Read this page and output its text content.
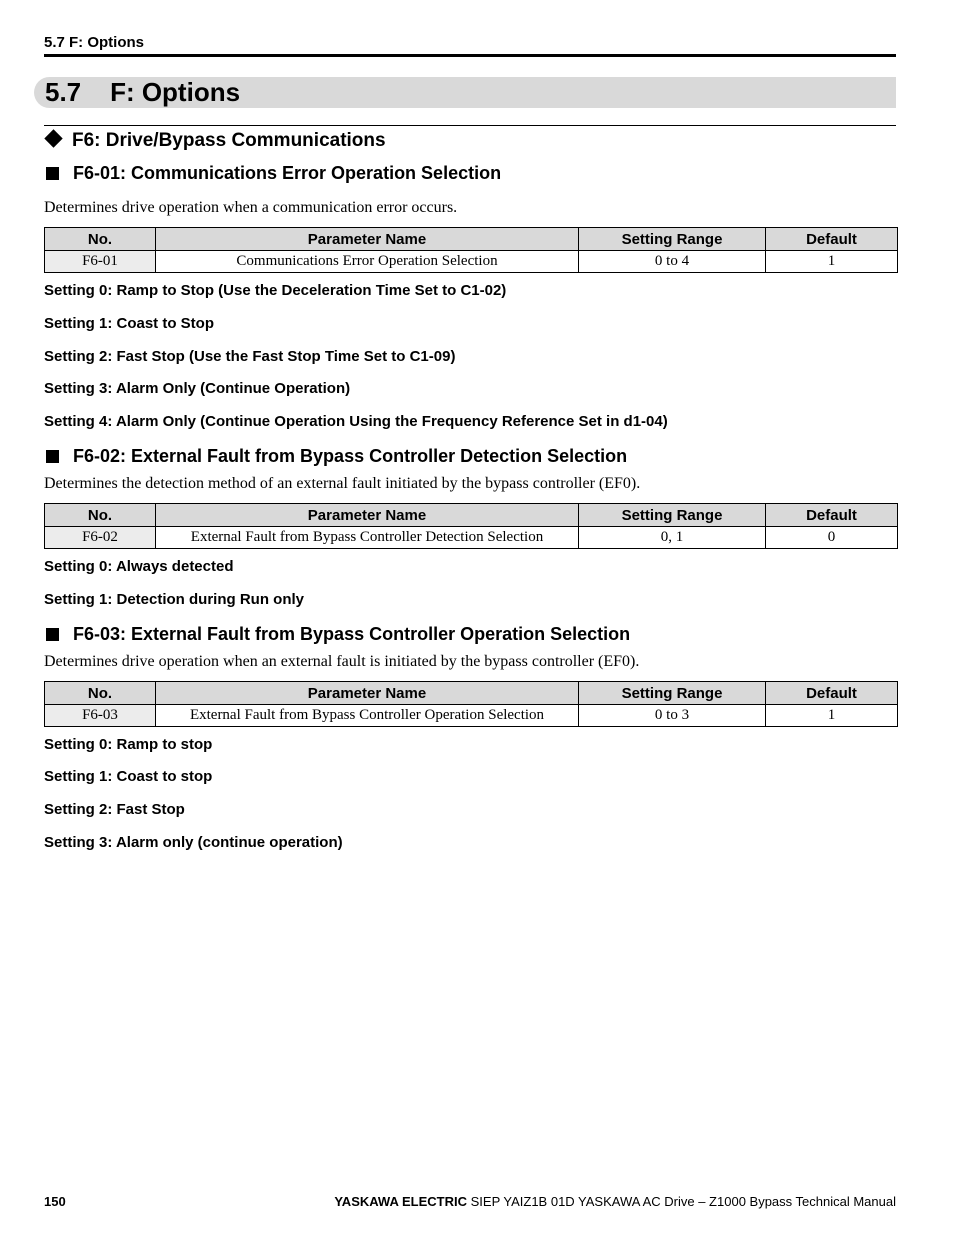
5.7 F: Options
5.7 F: Options
F6: Drive/Bypass Communications
F6-01: Communications Error Operation Selection
Determines drive operation when a communication error occurs.
No.	Parameter Name	Setting Range	Default
F6-01	Communications Error Operation Selection	0 to 4	1
Setting 0: Ramp to Stop (Use the Deceleration Time Set to C1-02)
Setting 1: Coast to Stop
Setting 2: Fast Stop (Use the Fast Stop Time Set to C1-09)
Setting 3: Alarm Only (Continue Operation)
Setting 4: Alarm Only (Continue Operation Using the Frequency Reference Set in d1-04)
F6-02: External Fault from Bypass Controller Detection Selection
Determines the detection method of an external fault initiated by the bypass controller (EF0).
No.	Parameter Name	Setting Range	Default
F6-02	External Fault from Bypass Controller Detection Selection	0, 1	0
Setting 0: Always detected
Setting 1: Detection during Run only
F6-03: External Fault from Bypass Controller Operation Selection
Determines drive operation when an external fault is initiated by the bypass controller (EF0).
No.	Parameter Name	Setting Range	Default
F6-03	External Fault from Bypass Controller Operation Selection	0 to 3	1
Setting 0: Ramp to stop
Setting 1: Coast to stop
Setting 2: Fast Stop
Setting 3: Alarm only (continue operation)
150	YASKAWA ELECTRIC SIEP YAIZ1B 01D YASKAWA AC Drive – Z1000 Bypass Technical Manual
